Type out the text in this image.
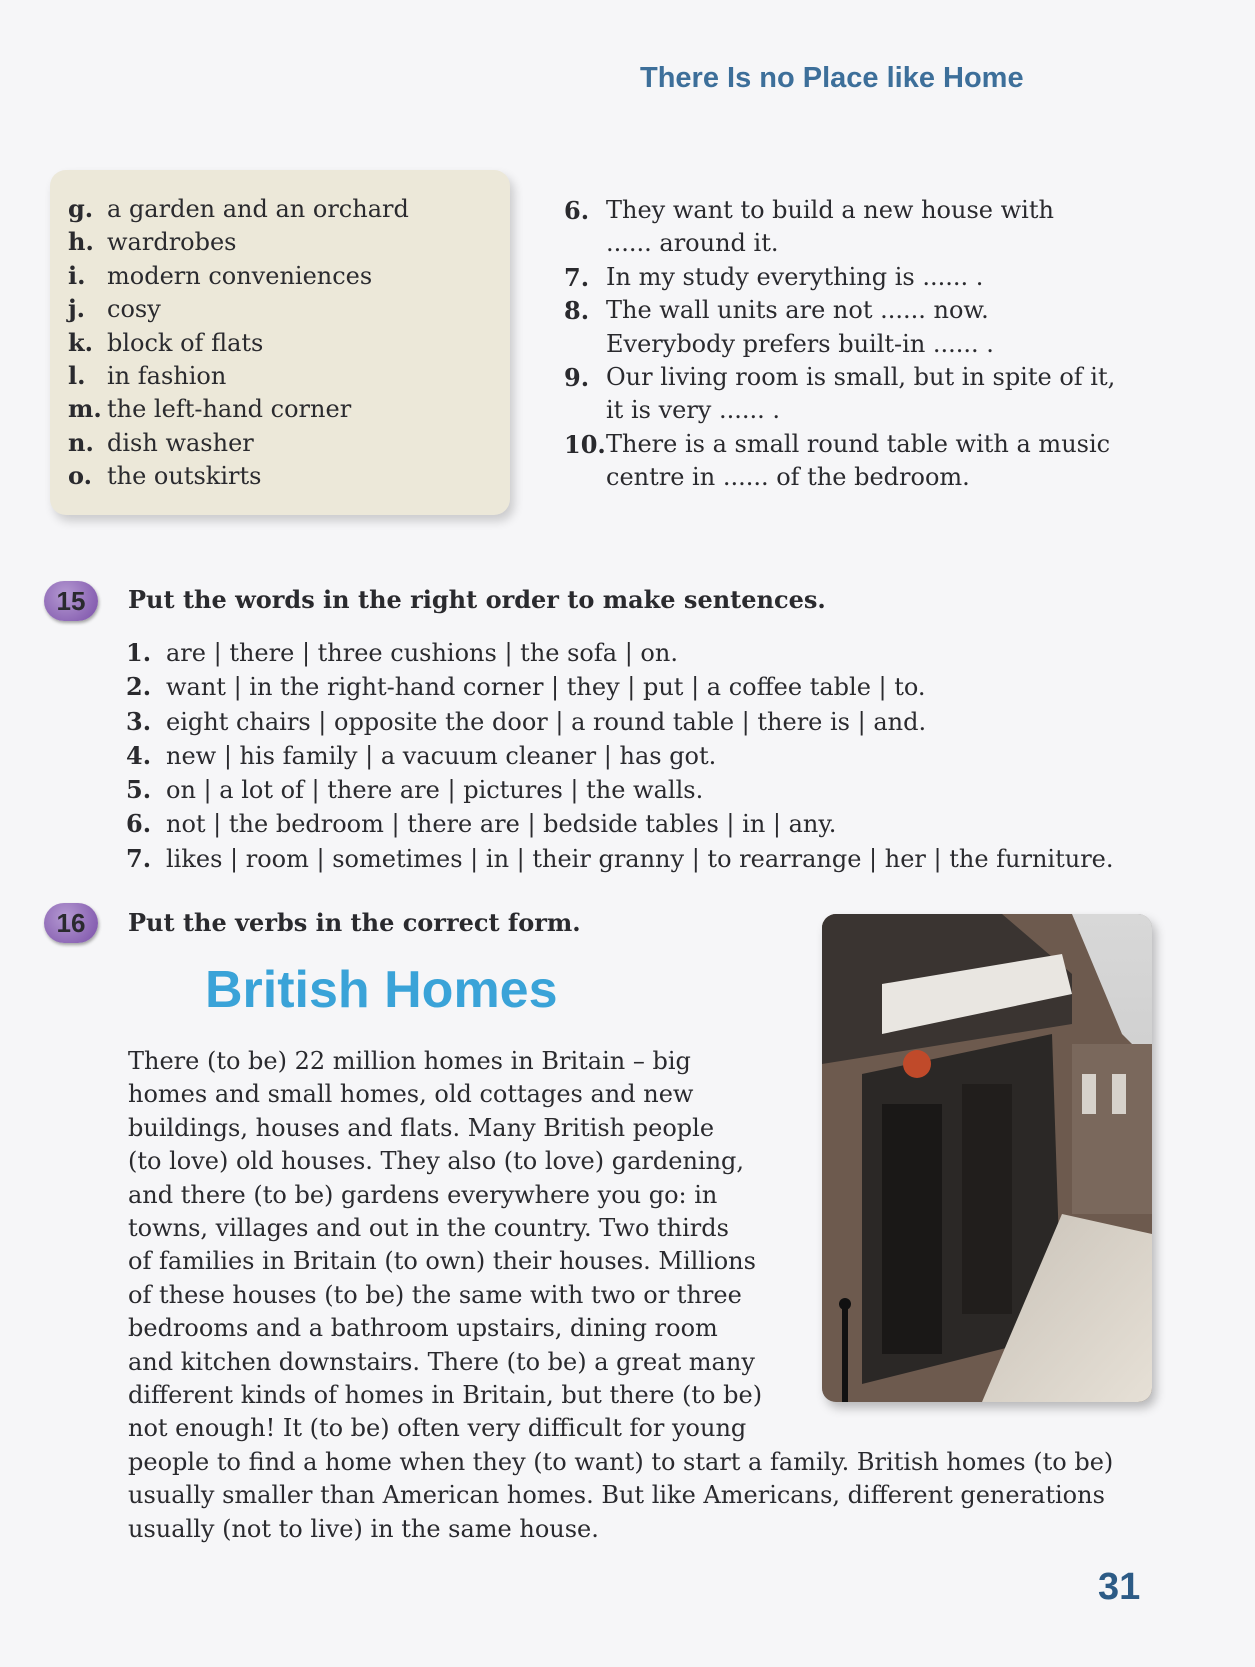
There Is no Place like Home
g. a garden and an orchard
h. wardrobes
i. modern conveniences
j. cosy
k. block of flats
l. in fashion
m. the left-hand corner
n. dish washer
o. the outskirts
6. They want to build a new house with
...... around it.
7. In my study everything is ...... .
8. The wall units are not ...... now.
Everybody prefers built-in ...... .
9. Our living room is small, but in spite of it,
it is very ...... .
10. There is a small round table with a music
centre in ...... of the bedroom.
15	Put the words in the right order to make sentences.
1. are | there | three cushions | the sofa | on.
2. want | in the right-hand corner | they | put | a coffee table | to.
3. eight chairs | opposite the door | a round table | there is | and.
4. new | his family | a vacuum cleaner | has got.
5. on | a lot of | there are | pictures | the walls.
6. not | the bedroom | there are | bedside tables | in | any.
7. likes | room | sometimes | in | their granny | to rearrange | her | the furniture.
16	Put the verbs in the correct form.
British Homes
There (to be) 22 million homes in Britain – big
homes and small homes, old cottages and new
buildings, houses and flats. Many British people
(to love) old houses. They also (to love) gardening,
and there (to be) gardens everywhere you go: in
towns, villages and out in the country. Two thirds
of families in Britain (to own) their houses. Millions
of these houses (to be) the same with two or three
bedrooms and a bathroom upstairs, dining room
and kitchen downstairs. There (to be) a great many
different kinds of homes in Britain, but there (to be)
not enough! It (to be) often very difficult for young
people to find a home when they (to want) to start a family. British homes (to be)
usually smaller than American homes. But like Americans, different generations
usually (not to live) in the same house.
31
